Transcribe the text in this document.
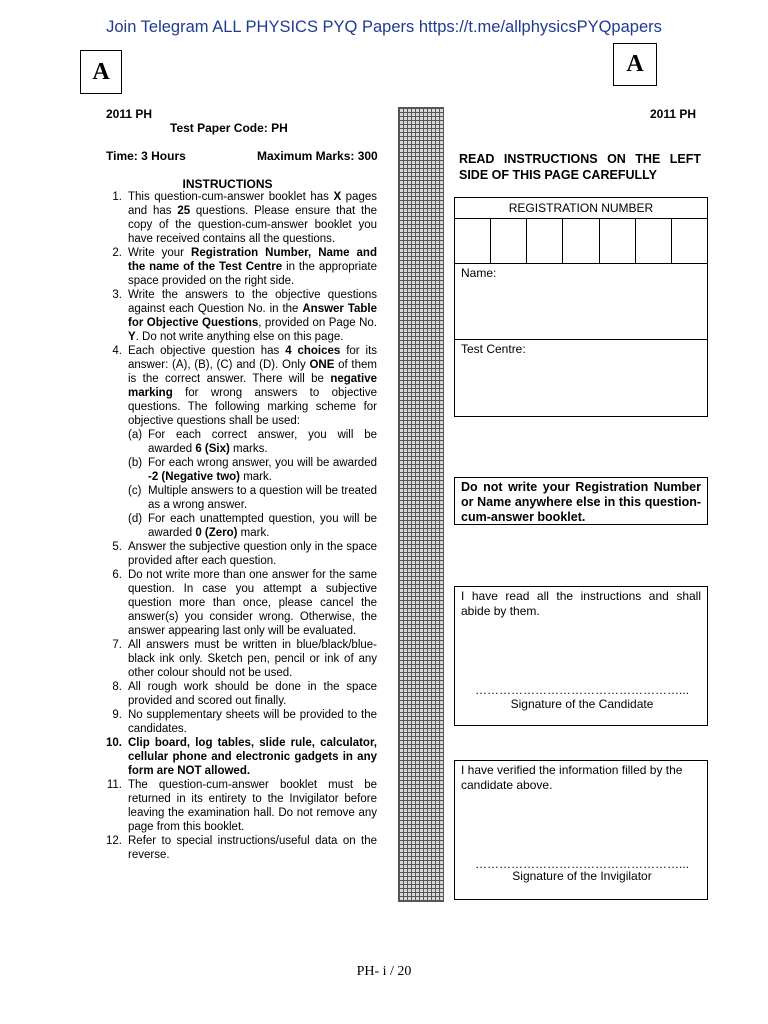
Join Telegram ALL PHYSICS PYQ Papers https://t.me/allphysicsPYQpapers
A	A
2011 PH
Test Paper Code: PH
Time: 3 Hours	Maximum Marks: 300
INSTRUCTIONS
1. This question-cum-answer booklet has X pages and has 25 questions. Please ensure that the copy of the question-cum-answer booklet you have received contains all the questions.
2. Write your Registration Number, Name and the name of the Test Centre in the appropriate space provided on the right side.
3. Write the answers to the objective questions against each Question No. in the Answer Table for Objective Questions, provided on Page No. Y. Do not write anything else on this page.
4. Each objective question has 4 choices for its answer: (A), (B), (C) and (D). Only ONE of them is the correct answer. There will be negative marking for wrong answers to objective questions. The following marking scheme for objective questions shall be used:
(a) For each correct answer, you will be awarded 6 (Six) marks.
(b) For each wrong answer, you will be awarded -2 (Negative two) mark.
(c) Multiple answers to a question will be treated as a wrong answer.
(d) For each unattempted question, you will be awarded 0 (Zero) mark.
5. Answer the subjective question only in the space provided after each question.
6. Do not write more than one answer for the same question. In case you attempt a subjective question more than once, please cancel the answer(s) you consider wrong. Otherwise, the answer appearing last only will be evaluated.
7. All answers must be written in blue/black/blue-black ink only. Sketch pen, pencil or ink of any other colour should not be used.
8. All rough work should be done in the space provided and scored out finally.
9. No supplementary sheets will be provided to the candidates.
10. Clip board, log tables, slide rule, calculator, cellular phone and electronic gadgets in any form are NOT allowed.
11. The question-cum-answer booklet must be returned in its entirety to the Invigilator before leaving the examination hall. Do not remove any page from this booklet.
12. Refer to special instructions/useful data on the reverse.
2011 PH
READ INSTRUCTIONS ON THE LEFT SIDE OF THIS PAGE CAREFULLY
REGISTRATION NUMBER
Name:
Test Centre:
Do not write your Registration Number or Name anywhere else in this question-cum-answer booklet.
I have read all the instructions and shall abide by them.
……………………………………………...
Signature of the Candidate
I have verified the information filled by the candidate above.
……………………………………………...
Signature of the Invigilator
PH- i / 20
